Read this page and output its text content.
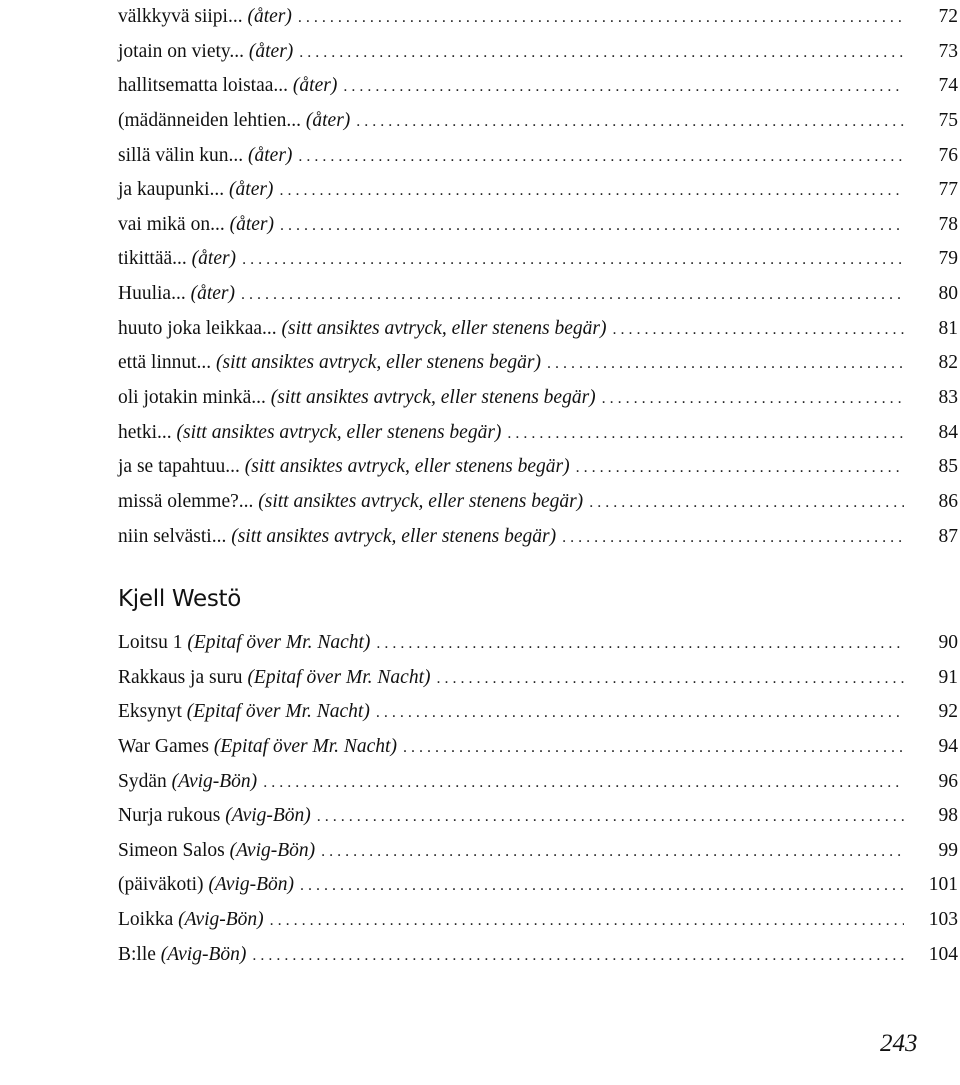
välkkyvä siipi... (åter) . . .	72
jotain on viety... (åter) . . .	73
hallitsematta loistaa... (åter) . . .	74
(mädänneiden lehtien... (åter) . . .	75
sillä välin kun... (åter) . . .	76
ja kaupunki... (åter) . . .	77
vai mikä on... (åter) . . .	78
tikittää... (åter) . . .	79
Huulia... (åter) . . .	80
huuto joka leikkaa... (sitt ansiktes avtryck, eller stenens begär) . . .	81
että linnut... (sitt ansiktes avtryck, eller stenens begär) . . .	82
oli jotakin minkä... (sitt ansiktes avtryck, eller stenens begär) . . .	83
hetki... (sitt ansiktes avtryck, eller stenens begär) . . .	84
ja se tapahtuu... (sitt ansiktes avtryck, eller stenens begär) . . .	85
missä olemme?... (sitt ansiktes avtryck, eller stenens begär) . . .	86
niin selvästi... (sitt ansiktes avtryck, eller stenens begär) . . .	87
Kjell Westö
Loitsu 1 (Epitaf över Mr. Nacht) . . .	90
Rakkaus ja suru (Epitaf över Mr. Nacht) . . .	91
Eksynyt (Epitaf över Mr. Nacht) . . .	92
War Games (Epitaf över Mr. Nacht) . . .	94
Sydän (Avig-Bön) . . .	96
Nurja rukous (Avig-Bön) . . .	98
Simeon Salos (Avig-Bön) . . .	99
(päiväkoti) (Avig-Bön) . . .	101
Loikka (Avig-Bön) . . .	103
B:lle (Avig-Bön) . . .	104
243
